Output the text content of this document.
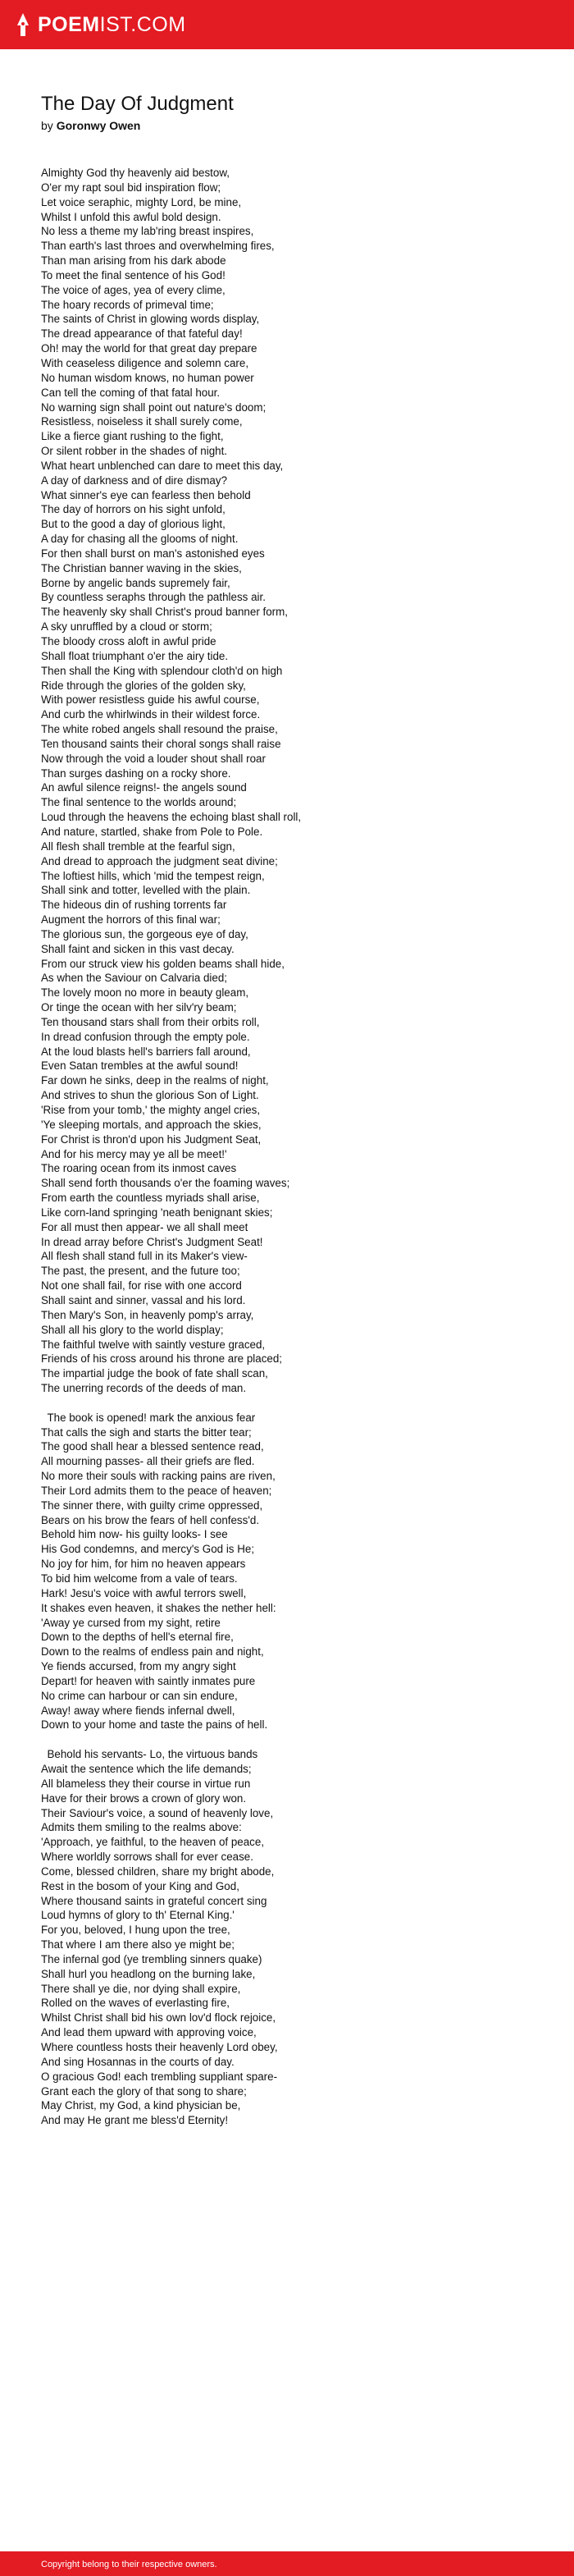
POEMIST.COM
The Day Of Judgment
by Goronwy Owen
Almighty God thy heavenly aid bestow,
O'er my rapt soul bid inspiration flow;
Let voice seraphic, mighty Lord, be mine,
Whilst I unfold this awful bold design.
No less a theme my lab'ring breast inspires,
Than earth's last throes and overwhelming fires,
Than man arising from his dark abode
To meet the final sentence of his God!
The voice of ages, yea of every clime,
The hoary records of primeval time;
The saints of Christ in glowing words display,
The dread appearance of that fateful day!
Oh! may the world for that great day prepare
With ceaseless diligence and solemn care,
No human wisdom knows, no human power
Can tell the coming of that fatal hour.
No warning sign shall point out nature's doom;
Resistless, noiseless it shall surely come,
Like a fierce giant rushing to the fight,
Or silent robber in the shades of night.
What heart unblenched can dare to meet this day,
A day of darkness and of dire dismay?
What sinner's eye can fearless then behold
The day of horrors on his sight unfold,
But to the good a day of glorious light,
A day for chasing all the glooms of night.
For then shall burst on man's astonished eyes
The Christian banner waving in the skies,
Borne by angelic bands supremely fair,
By countless seraphs through the pathless air.
The heavenly sky shall Christ's proud banner form,
A sky unruffled by a cloud or storm;
The bloody cross aloft in awful pride
Shall float triumphant o'er the airy tide.
Then shall the King with splendour cloth'd on high
Ride through the glories of the golden sky,
With power resistless guide his awful course,
And curb the whirlwinds in their wildest force.
The white robed angels shall resound the praise,
Ten thousand saints their choral songs shall raise
Now through the void a louder shout shall roar
Than surges dashing on a rocky shore.
An awful silence reigns!- the angels sound
The final sentence to the worlds around;
Loud through the heavens the echoing blast shall roll,
And nature, startled, shake from Pole to Pole.
All flesh shall tremble at the fearful sign,
And dread to approach the judgment seat divine;
The loftiest hills, which 'mid the tempest reign,
Shall sink and totter, levelled with the plain.
The hideous din of rushing torrents far
Augment the horrors of this final war;
The glorious sun, the gorgeous eye of day,
Shall faint and sicken in this vast decay.
From our struck view his golden beams shall hide,
As when the Saviour on Calvaria died;
The lovely moon no more in beauty gleam,
Or tinge the ocean with her silv'ry beam;
Ten thousand stars shall from their orbits roll,
In dread confusion through the empty pole.
At the loud blasts hell's barriers fall around,
Even Satan trembles at the awful sound!
Far down he sinks, deep in the realms of night,
And strives to shun the glorious Son of Light.
'Rise from your tomb,' the mighty angel cries,
'Ye sleeping mortals, and approach the skies,
For Christ is thron'd upon his Judgment Seat,
And for his mercy may ye all be meet!'
The roaring ocean from its inmost caves
Shall send forth thousands o'er the foaming waves;
From earth the countless myriads shall arise,
Like corn-land springing 'neath benignant skies;
For all must then appear- we all shall meet
In dread array before Christ's Judgment Seat!
All flesh shall stand full in its Maker's view-
The past, the present, and the future too;
Not one shall fail, for rise with one accord
Shall saint and sinner, vassal and his lord.
Then Mary's Son, in heavenly pomp's array,
Shall all his glory to the world display;
The faithful twelve with saintly vesture graced,
Friends of his cross around his throne are placed;
The impartial judge the book of fate shall scan,
The unerring records of the deeds of man.
The book is opened! mark the anxious fear
That calls the sigh and starts the bitter tear;
The good shall hear a blessed sentence read,
All mourning passes- all their griefs are fled.
No more their souls with racking pains are riven,
Their Lord admits them to the peace of heaven;
The sinner there, with guilty crime oppressed,
Bears on his brow the fears of hell confess'd.
Behold him now- his guilty looks- I see
His God condemns, and mercy's God is He;
No joy for him, for him no heaven appears
To bid him welcome from a vale of tears.
Hark! Jesu's voice with awful terrors swell,
It shakes even heaven, it shakes the nether hell:
'Away ye cursed from my sight, retire
Down to the depths of hell's eternal fire,
Down to the realms of endless pain and night,
Ye fiends accursed, from my angry sight
Depart! for heaven with saintly inmates pure
No crime can harbour or can sin endure,
Away! away where fiends infernal dwell,
Down to your home and taste the pains of hell.
Behold his servants- Lo, the virtuous bands
Await the sentence which the life demands;
All blameless they their course in virtue run
Have for their brows a crown of glory won.
Their Saviour's voice, a sound of heavenly love,
Admits them smiling to the realms above:
'Approach, ye faithful, to the heaven of peace,
Where worldly sorrows shall for ever cease.
Come, blessed children, share my bright abode,
Rest in the bosom of your King and God,
Where thousand saints in grateful concert sing
Loud hymns of glory to th' Eternal King.'
For you, beloved, I hung upon the tree,
That where I am there also ye might be;
The infernal god (ye trembling sinners quake)
Shall hurl you headlong on the burning lake,
There shall ye die, nor dying shall expire,
Rolled on the waves of everlasting fire,
Whilst Christ shall bid his own lov'd flock rejoice,
And lead them upward with approving voice,
Where countless hosts their heavenly Lord obey,
And sing Hosannas in the courts of day.
O gracious God! each trembling suppliant spare-
Grant each the glory of that song to share;
May Christ, my God, a kind physician be,
And may He grant me bless'd Eternity!
Copyright belong to their respective owners.
